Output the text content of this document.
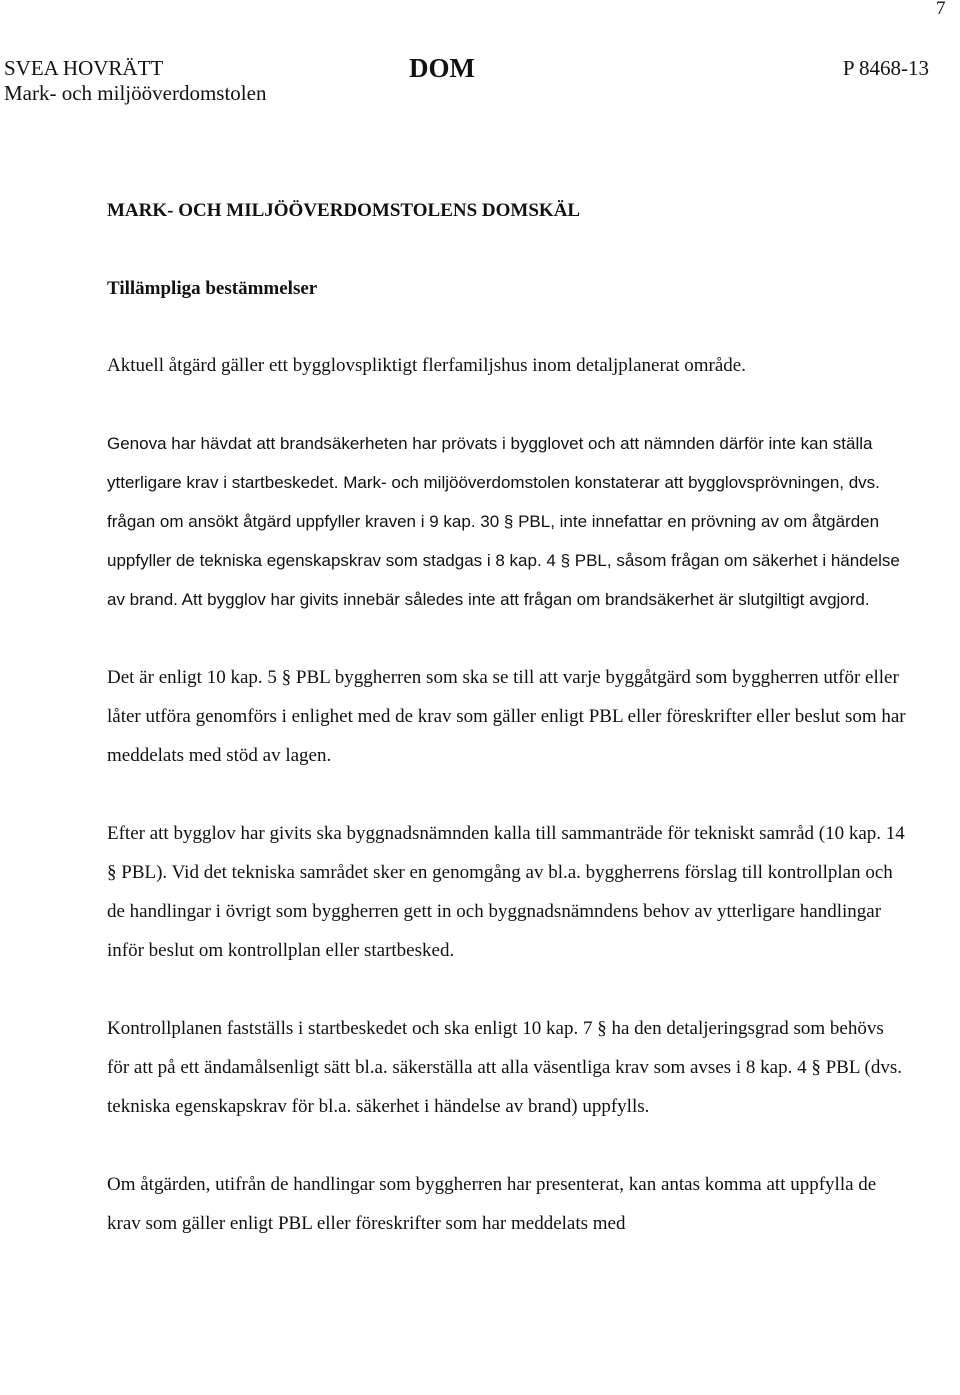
7
SVEA HOVRÄTT
Mark- och miljööverdomstolen
DOM	P 8468-13
MARK- OCH MILJÖÖVERDOMSTOLENS DOMSKÄL
Tillämpliga bestämmelser

Aktuell åtgärd gäller ett bygglovspliktigt flerfamiljshus inom detaljplanerat område.

Genova har hävdat att brandsäkerheten har prövats i bygglovet och att nämnden därför inte kan ställa ytterligare krav i startbeskedet. Mark- och miljööverdomstolen konstaterar att bygglovsprövningen, dvs. frågan om ansökt åtgärd uppfyller kraven i 9 kap. 30 § PBL, inte innefattar en prövning av om åtgärden uppfyller de tekniska egenskapskrav som stadgas i 8 kap. 4 § PBL, såsom frågan om säkerhet i händelse av brand. Att bygglov har givits innebär således inte att frågan om brandsäkerhet är slutgiltigt avgjord.

Det är enligt 10 kap. 5 § PBL byggherren som ska se till att varje byggåtgärd som byggherren utför eller låter utföra genomförs i enlighet med de krav som gäller enligt PBL eller föreskrifter eller beslut som har meddelats med stöd av lagen.

Efter att bygglov har givits ska byggnadsnämnden kalla till sammanträde för tekniskt samråd (10 kap. 14 § PBL). Vid det tekniska samrådet sker en genomgång av bl.a. byggherrens förslag till kontrollplan och de handlingar i övrigt som byggherren gett in och byggnadsnämndens behov av ytterligare handlingar inför beslut om kontrollplan eller startbesked.

Kontrollplanen fastställs i startbeskedet och ska enligt 10 kap. 7 § ha den detaljeringsgrad som behövs för att på ett ändamålsenligt sätt bl.a. säkerställa att alla väsentliga krav som avses i 8 kap. 4 § PBL (dvs. tekniska egenskapskrav för bl.a. säkerhet i händelse av brand) uppfylls.

Om åtgärden, utifrån de handlingar som byggherren har presenterat, kan antas komma att uppfylla de krav som gäller enligt PBL eller föreskrifter som har meddelats med
